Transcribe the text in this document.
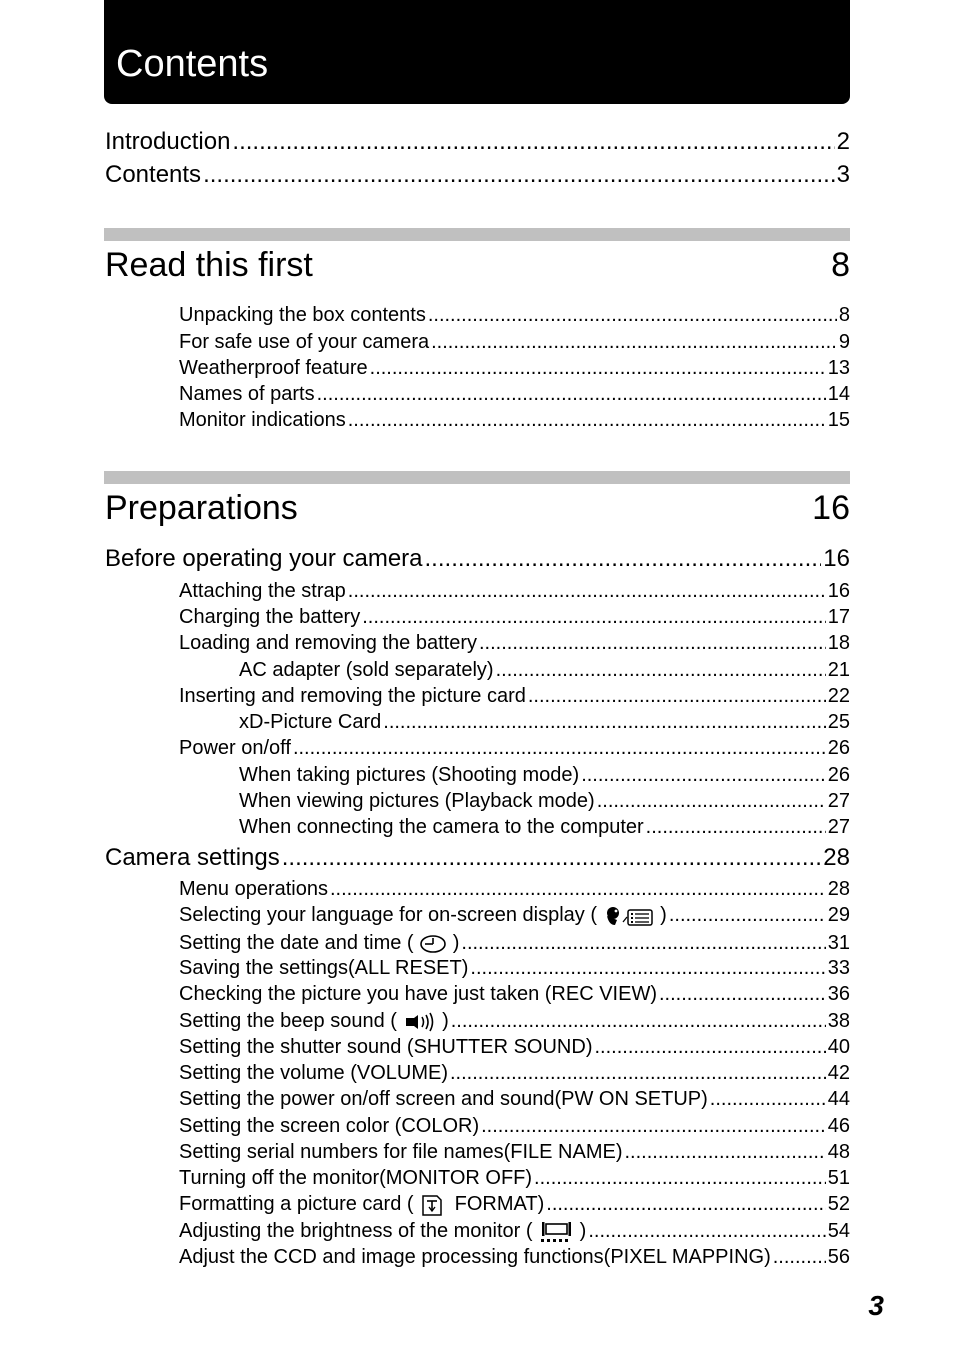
Contents
Introduction .....	2
Contents .....	3
Read this first	8
Unpacking the box contents .....	8
For safe use of your camera .....	9
Weatherproof feature .....	13
Names of parts .....	14
Monitor indications .....	15
Preparations	16
Before operating your camera .....	16
Attaching the strap .....	16
Charging the battery .....	17
Loading and removing the battery .....	18
AC adapter (sold separately) .....	21
Inserting and removing the picture card .....	22
xD-Picture Card .....	25
Power on/off .....	26
When taking pictures (Shooting mode) .....	26
When viewing pictures (Playback mode) .....	27
When connecting the camera to the computer .....	27
Camera settings .....	28
Menu operations .....	28
Selecting your language for on-screen display (	) .....	29
Setting the date and time ( ) .....	31
Saving the settings(ALL RESET) .....	33
Checking the picture you have just taken (REC VIEW) .....	36
Setting the beep sound ( ) .....	38
Setting the shutter sound (SHUTTER SOUND) .....	40
Setting the volume (VOLUME) .....	42
Setting the power on/off screen and sound(PW ON SETUP) .....	44
Setting the screen color (COLOR) .....	46
Setting serial numbers for file names(FILE NAME) .....	48
Turning off the monitor(MONITOR OFF) .....	51
Formatting a picture card ( FORMAT) .....	52
Adjusting the brightness of the monitor ( ) .....	54
Adjust the CCD and image processing functions(PIXEL MAPPING) .....	56
3
